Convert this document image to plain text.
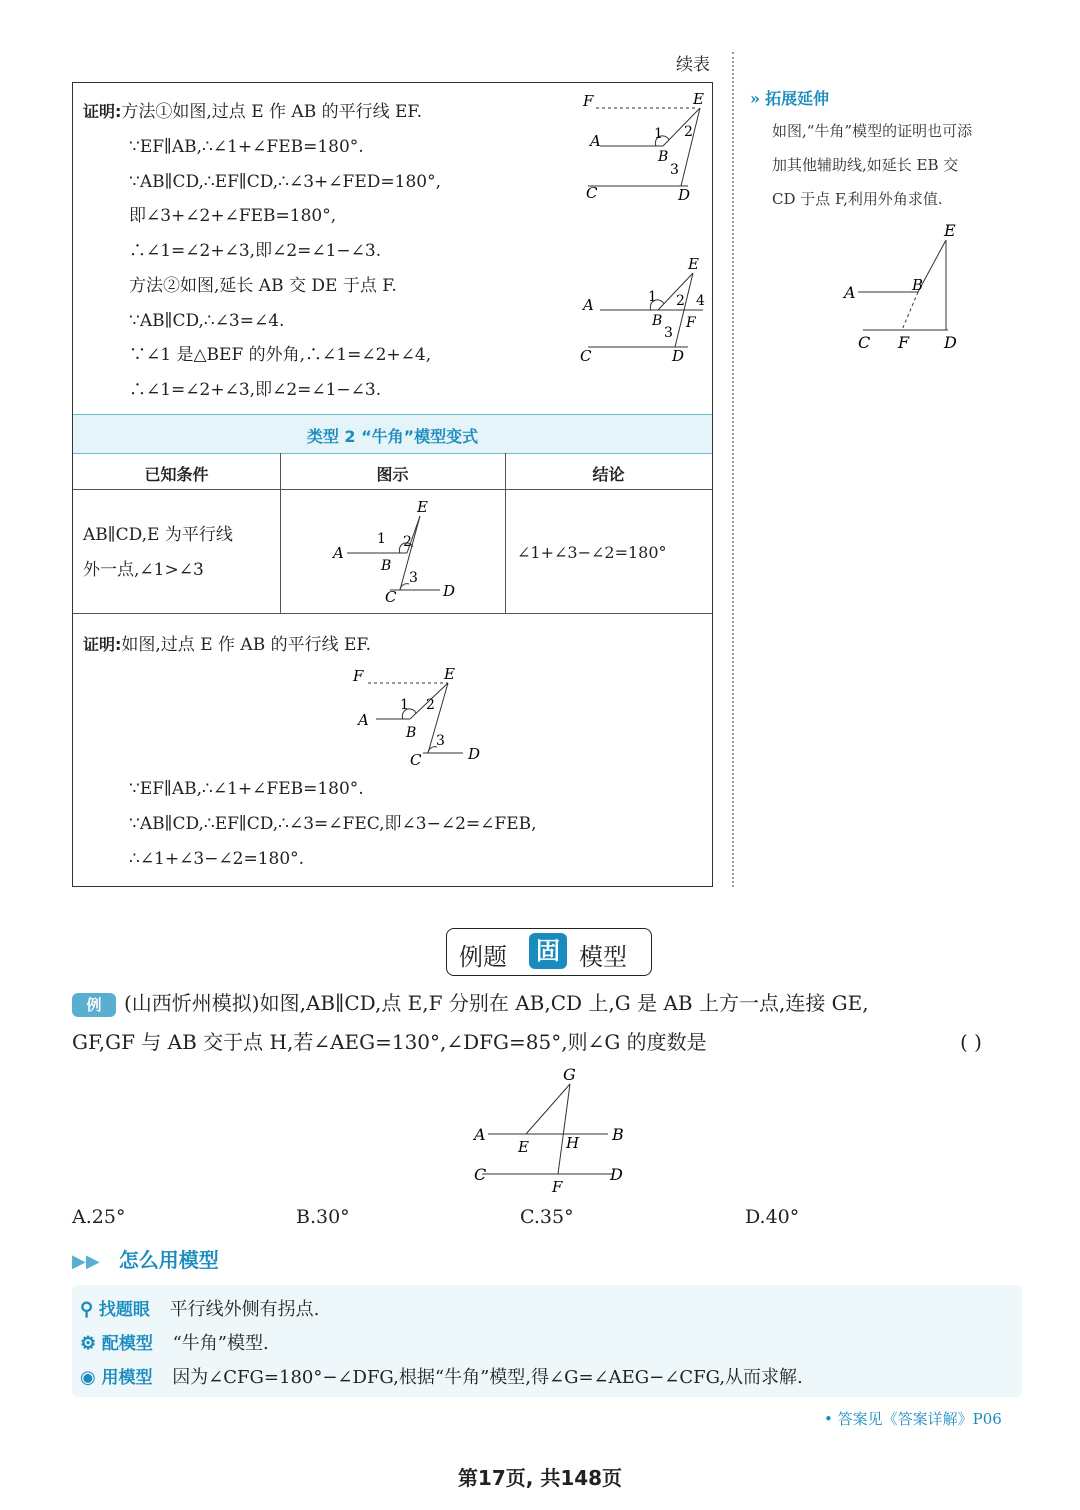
续表
证明:方法①如图,过点 E 作 AB 的平行线 EF.
∵EF∥AB,∴∠1+∠FEB=180°.
∵AB∥CD,∴EF∥CD,∴∠3+∠FED=180°,
即∠3+∠2+∠FEB=180°,
∴∠1=∠2+∠3,即∠2=∠1−∠3.
方法②如图,延长 AB 交 DE 于点 F.
∵AB∥CD,∴∠3=∠4.
∵∠1 是△BEF 的外角,∴∠1=∠2+∠4,
∴∠1=∠2+∠3,即∠2=∠1−∠3.
F	E
A
B
C	D
1 2
3
E
A
B
C	D
F
1 2
3
4
类型 2 “牛角”模型变式
已知条件	图示	结论
AB∥CD,E 为平行线
外一点,∠1>∠3
E
A
B
C	D
1 2
3
∠1+∠3−∠2=180°
证明:如图,过点 E 作 AB 的平行线 EF.
F	E
A
B
C	D
1 2
3
∵EF∥AB,∴∠1+∠FEB=180°.
∵AB∥CD,∴EF∥CD,∴∠3=∠FEC,即∠3−∠2=∠FEB,
∴∠1+∠3−∠2=180°.
» 拓展延伸
如图,“牛角”模型的证明也可添
加其他辅助线,如延长 EB 交
CD 于点 F,利用外角求值.
E
A	B
C F D
例题 固 模型
例	(山西忻州模拟)如图,AB∥CD,点 E,F 分别在 AB,CD 上,G 是 AB 上方一点,连接 GE,
GF,GF 与 AB 交于点 H,若∠AEG=130°,∠DFG=85°,则∠G 的度数是	( )
G
A
E H B
C
F
D
A.25°	B.30°	C.35°	D.40°
▶▶ 怎么用模型
⚲ 找题眼 平行线外侧有拐点.
⚙ 配模型 “牛角”模型.
◉ 用模型 因为∠CFG=180°−∠DFG,根据“牛角”模型,得∠G=∠AEG−∠CFG,从而求解.
• 答案见《答案详解》P06
第17页, 共148页
